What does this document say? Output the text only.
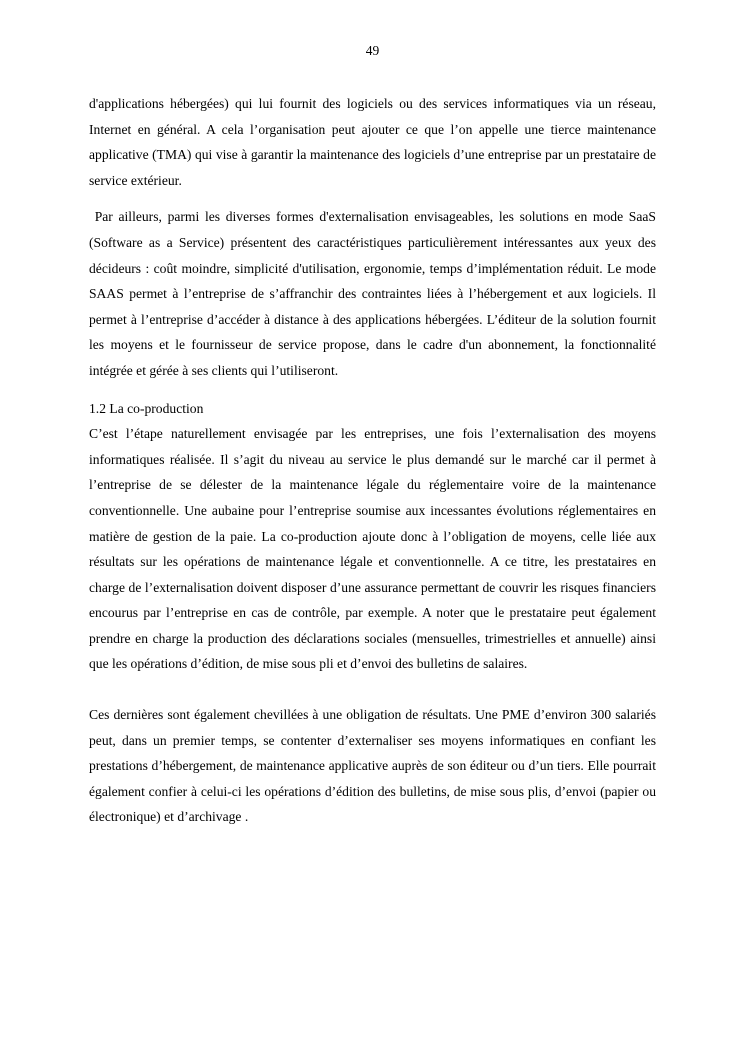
49

d'applications hébergées) qui lui fournit des logiciels ou des services informatiques via un réseau, Internet en général. A cela l’organisation peut ajouter ce que l’on appelle une tierce maintenance applicative (TMA) qui vise à garantir la maintenance des logiciels d’une entreprise par un prestataire de service extérieur.

Par ailleurs, parmi les diverses formes d'externalisation envisageables, les solutions en mode SaaS (Software as a Service) présentent des caractéristiques particulièrement intéressantes aux yeux des décideurs : coût moindre, simplicité d'utilisation, ergonomie, temps d’implémentation réduit. Le mode SAAS permet à l’entreprise de s’affranchir des contraintes liées à l’hébergement et aux logiciels. Il permet à l’entreprise d’accéder à distance à des applications hébergées. L’éditeur de la solution fournit les moyens et le fournisseur de service propose, dans le cadre d'un abonnement, la fonctionnalité intégrée et gérée à ses clients qui l’utiliseront.

1.2 La co-production

C’est l’étape naturellement envisagée par les entreprises, une fois l’externalisation des moyens informatiques réalisée. Il s’agit du niveau au service le plus demandé sur le marché car il permet à l’entreprise de se délester de la maintenance légale du réglementaire voire de la maintenance conventionnelle. Une aubaine pour l’entreprise soumise aux incessantes évolutions réglementaires en matière de gestion de la paie. La co-production ajoute donc à l’obligation de moyens, celle liée aux résultats sur les opérations de maintenance légale et conventionnelle. A ce titre, les prestataires en charge de l’externalisation doivent disposer d’une assurance permettant de couvrir les risques financiers encourus par l’entreprise en cas de contrôle, par exemple. A noter que le prestataire peut également prendre en charge la production des déclarations sociales (mensuelles, trimestrielles et annuelle) ainsi que les opérations d’édition, de mise sous pli et d’envoi des bulletins de salaires.

Ces dernières sont également chevillées à une obligation de résultats. Une PME d’environ 300 salariés peut, dans un premier temps, se contenter d’externaliser ses moyens informatiques en confiant les prestations d’hébergement, de maintenance applicative auprès de son éditeur ou d’un tiers. Elle pourrait également confier à celui-ci les opérations d’édition des bulletins, de mise sous plis, d’envoi (papier ou électronique) et d’archivage .
